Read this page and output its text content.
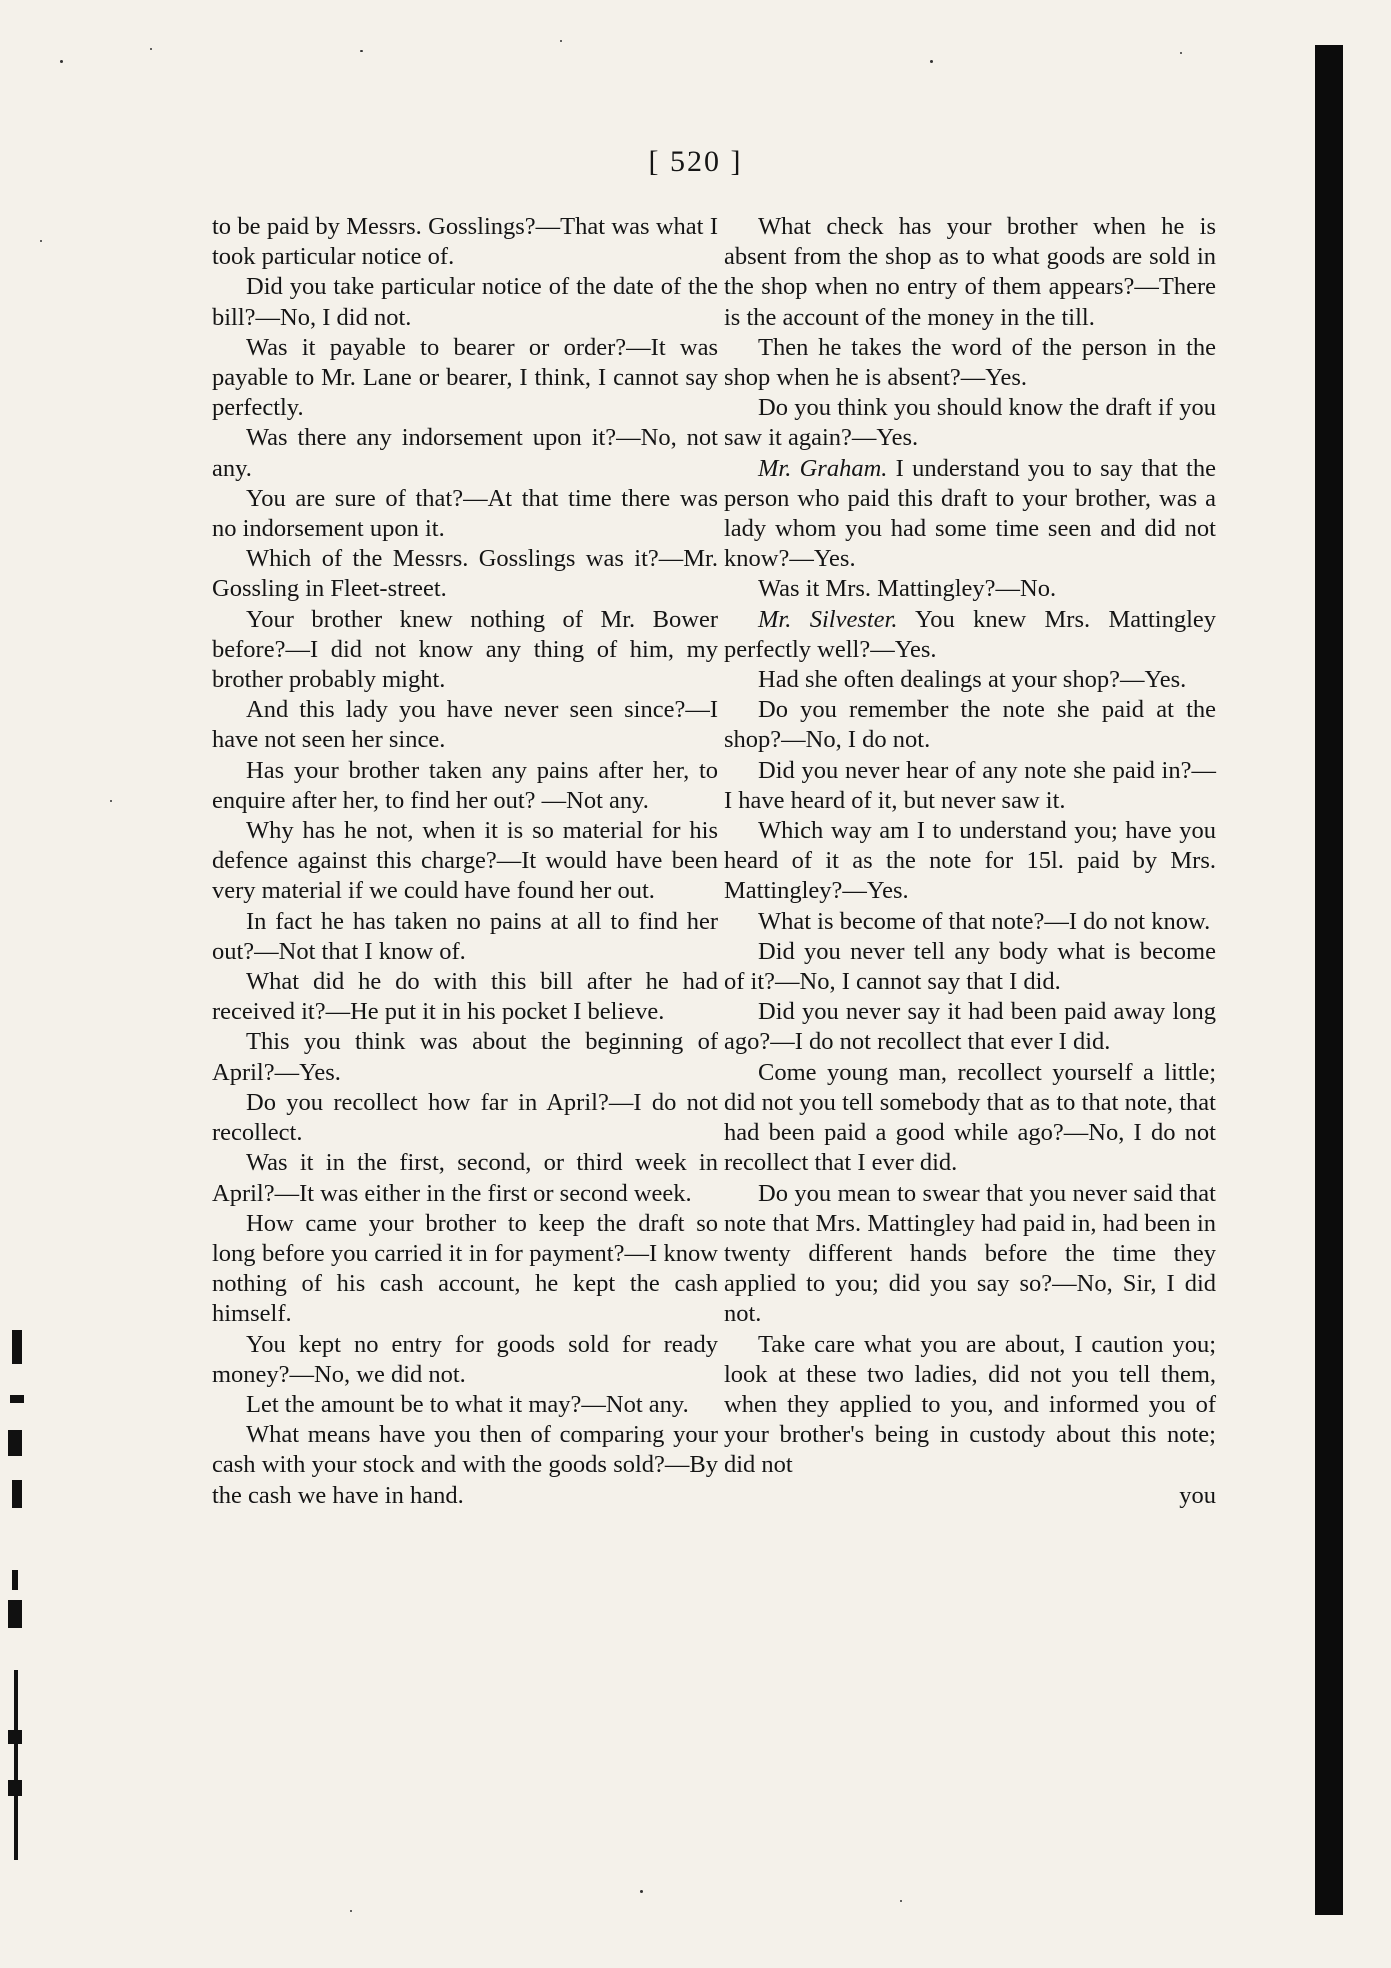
[ 520 ]

to be paid by Messrs. Gosslings?—That was what I took particular notice of.

Did you take particular notice of the date of the bill?—No, I did not.

Was it payable to bearer or order?—It was payable to Mr. Lane or bearer, I think, I cannot say perfectly.

Was there any indorsement upon it?—No, not any.

You are sure of that?—At that time there was no indorsement upon it.

Which of the Messrs. Gosslings was it?—Mr. Gossling in Fleet-street.

Your brother knew nothing of Mr. Bower before?—I did not know any thing of him, my brother probably might.

And this lady you have never seen since?—I have not seen her since.

Has your brother taken any pains after her, to enquire after her, to find her out? —Not any.

Why has he not, when it is so material for his defence against this charge?—It would have been very material if we could have found her out.

In fact he has taken no pains at all to find her out?—Not that I know of.

What did he do with this bill after he had received it?—He put it in his pocket I believe.

This you think was about the beginning of April?—Yes.

Do you recollect how far in April?—I do not recollect.

Was it in the first, second, or third week in April?—It was either in the first or second week.

How came your brother to keep the draft so long before you carried it in for payment?—I know nothing of his cash account, he kept the cash himself.

You kept no entry for goods sold for ready money?—No, we did not.

Let the amount be to what it may?—Not any.

What means have you then of comparing your cash with your stock and with the goods sold?—By the cash we have in hand.

What check has your brother when he is absent from the shop as to what goods are sold in the shop when no entry of them appears?—There is the account of the money in the till.

Then he takes the word of the person in the shop when he is absent?—Yes.

Do you think you should know the draft if you saw it again?—Yes.

Mr. Graham. I understand you to say that the person who paid this draft to your brother, was a lady whom you had some time seen and did not know?—Yes.

Was it Mrs. Mattingley?—No.

Mr. Silvester. You knew Mrs. Mattingley perfectly well?—Yes.

Had she often dealings at your shop?—Yes.

Do you remember the note she paid at the shop?—No, I do not.

Did you never hear of any note she paid in?—I have heard of it, but never saw it.

Which way am I to understand you; have you heard of it as the note for 15l. paid by Mrs. Mattingley?—Yes.

What is become of that note?—I do not know.

Did you never tell any body what is become of it?—No, I cannot say that I did.

Did you never say it had been paid away long ago?—I do not recollect that ever I did.

Come young man, recollect yourself a little; did not you tell somebody that as to that note, that had been paid a good while ago?—No, I do not recollect that I ever did.

Do you mean to swear that you never said that note that Mrs. Mattingley had paid in, had been in twenty different hands before the time they applied to you; did you say so?—No, Sir, I did not.

Take care what you are about, I caution you; look at these two ladies, did not you tell them, when they applied to you, and informed you of your brother's being in custody about this note; did not

you
